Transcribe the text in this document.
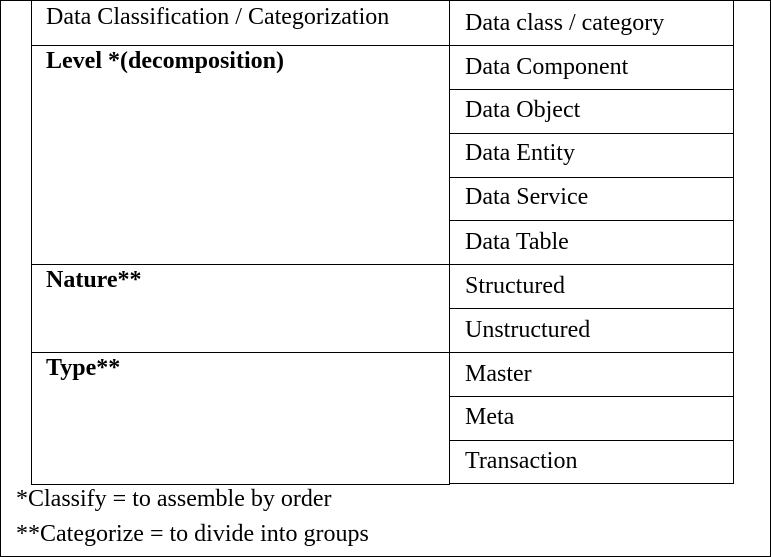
Data Classification / Categorization	Data class / category
Level *(decomposition)	Data Component
Data Object
Data Entity
Data Service
Data Table
Nature**	Structured
Unstructured
Type**	Master
Meta
Transaction
*Classify = to assemble by order
**Categorize = to divide into groups
